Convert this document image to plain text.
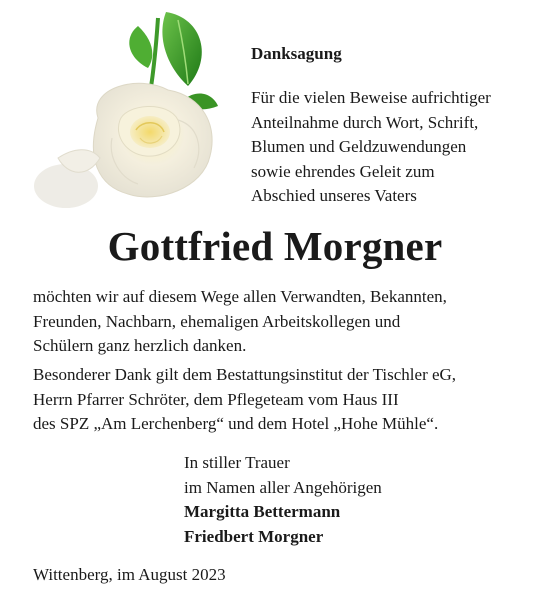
Danksagung
Für die vielen Beweise aufrichtiger
Anteilnahme durch Wort, Schrift,
Blumen und Geldzuwendungen
sowie ehrendes Geleit zum
Abschied unseres Vaters
Gottfried Morgner
möchten wir auf diesem Wege allen Verwandten, Bekannten,
Freunden, Nachbarn, ehemaligen Arbeitskollegen und
Schülern ganz herzlich danken.
Besonderer Dank gilt dem Bestattungsinstitut der Tischler eG,
Herrn Pfarrer Schröter, dem Pflegeteam vom Haus III
des SPZ „Am Lerchenberg“ und dem Hotel „Hohe Mühle“.
In stiller Trauer
im Namen aller Angehörigen
Margitta Bettermann
Friedbert Morgner
Wittenberg, im August 2023
